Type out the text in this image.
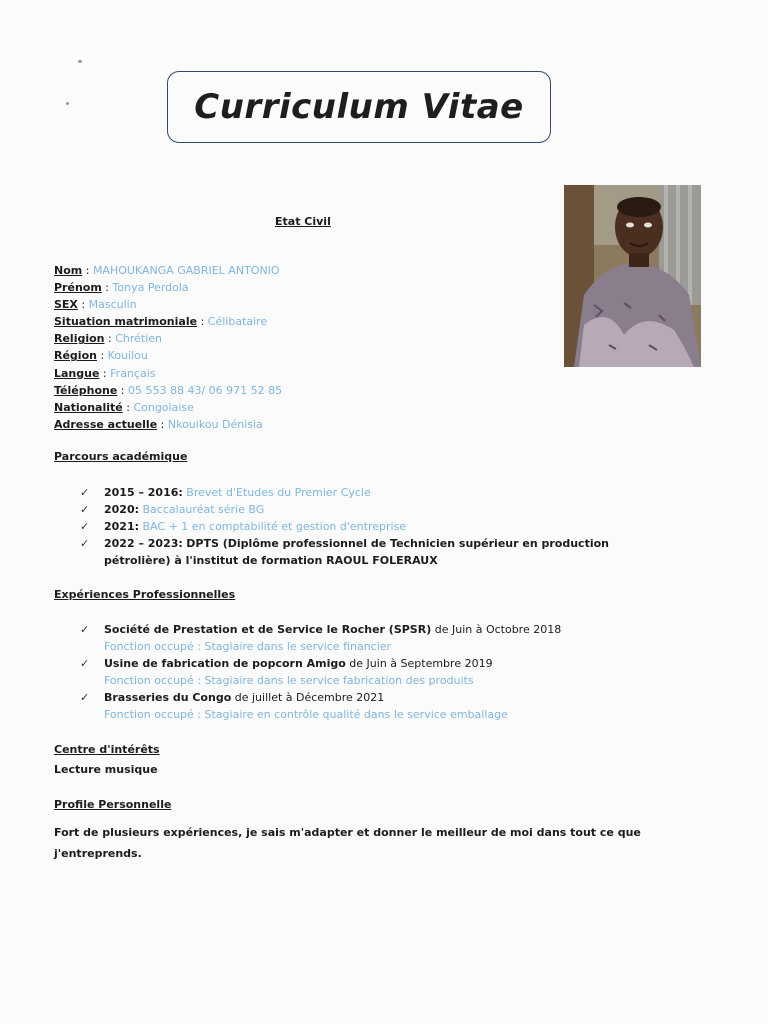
Curriculum Vitae
Etat Civil
Nom : MAHOUKANGA GABRIEL ANTONIO
Prénom : Tonya Perdola
SEX : Masculin
Situation matrimoniale : Célibataire
Religion : Chrétien
Région : Kouilou
Langue : Français
Téléphone : 05 553 88 43/ 06 971 52 85
Nationalité : Congolaise
Adresse actuelle : Nkouikou Dénisia
Parcours académique
✓ 2015 – 2016: Brevet d'Etudes du Premier Cycle
✓ 2020: Baccalauréat série BG
✓ 2021: BAC + 1 en comptabilité et gestion d'entreprise
✓ 2022 – 2023: DPTS (Diplôme professionnel de Technicien supérieur en production
pétrolière) à l'institut de formation RAOUL FOLERAUX
Expériences Professionnelles
✓ Société de Prestation et de Service le Rocher (SPSR) de Juin à Octobre 2018
Fonction occupé : Stagiaire dans le service financier
✓ Usine de fabrication de popcorn Amigo de Juin à Septembre 2019
Fonction occupé : Stagiaire dans le service fabrication des produits
✓ Brasseries du Congo de juillet à Décembre 2021
Fonction occupé : Stagiaire en contrôle qualité dans le service emballage
Centre d'intérêts
Lecture musique
Profile Personnelle
Fort de plusieurs expériences, je sais m'adapter et donner le meilleur de moi dans tout ce que
j'entreprends.
